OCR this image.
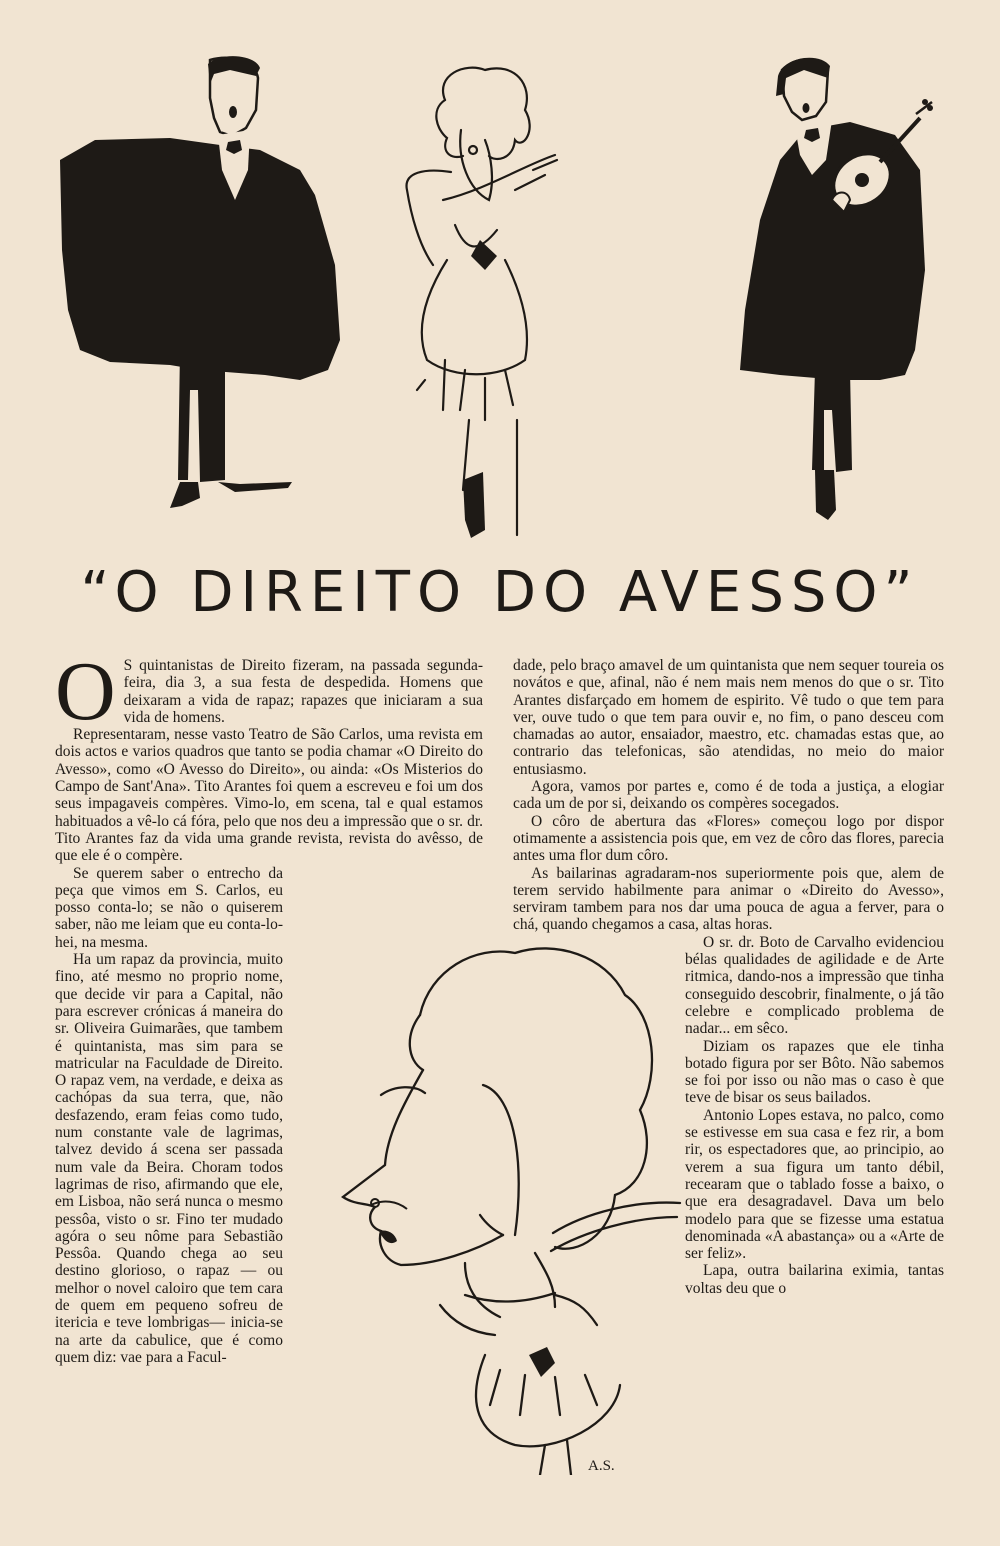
“O DIREITO DO AVESSO”
O S quintanistas de Direito fizeram, na passada segunda-feira, dia 3, a sua festa de despedida. Homens que deixaram a vida de rapaz; rapazes que iniciaram a sua vida de homens.

Representaram, nesse vasto Teatro de São Carlos, uma revista em dois actos e varios quadros que tanto se podia chamar «O Direito do Avesso», como «O Avesso do Direito», ou ainda: «Os Misterios do Campo de Sant'Ana». Tito Arantes foi quem a escreveu e foi um dos seus impagaveis compères. Vimo-lo, em scena, tal e qual estamos habituados a vê-lo cá fóra, pelo que nos deu a impressão que o sr. dr. Tito Arantes faz da vida uma grande revista, revista do avêsso, de que ele é o compère.

Se querem saber o entrecho da peça que vimos em S. Carlos, eu posso conta-lo; se não o quiserem saber, não me leiam que eu conta-lo-hei, na mesma.

Ha um rapaz da provincia, muito fino, até mesmo no proprio nome, que decide vir para a Capital, não para escrever crónicas á maneira do sr. Oliveira Guimarães, que tambem é quintanista, mas sim para se matricular na Faculdade de Direito. O rapaz vem, na verdade, e deixa as cachópas da sua terra, que, não desfazendo, eram feias como tudo, num constante vale de lagrimas, talvez devido á scena ser passada num vale da Beira. Choram todos lagrimas de riso, afirmando que ele, em Lisboa, não será nunca o mesmo pessôa, visto o sr. Fino ter mudado agóra o seu nôme para Sebastião Pessôa. Quando chega ao seu destino glorioso, o rapaz — ou melhor o novel caloiro que tem cara de quem em pequeno sofreu de itericia e teve lombrigas— inicia-se na arte da cabulice, que é como quem diz: vae para a Facul-

dade, pelo braço amavel de um quintanista que nem sequer toureia os novátos e que, afinal, não é nem mais nem menos do que o sr. Tito Arantes disfarçado em homem de espirito. Vê tudo o que tem para ver, ouve tudo o que tem para ouvir e, no fim, o pano desceu com chamadas ao autor, ensaiador, maestro, etc. chamadas estas que, ao contrario das telefonicas, são atendidas, no meio do maior entusiasmo.

Agora, vamos por partes e, como é de toda a justiça, a elogiar cada um de por si, deixando os compères socegados.

O côro de abertura das «Flores» começou logo por dispor otimamente a assistencia pois que, em vez de côro das flores, parecia antes uma flor dum côro.

As bailarinas agradaram-nos superiormente pois que, alem de terem servido habilmente para animar o «Direito do Avesso», serviram tambem para nos dar uma pouca de agua a ferver, para o chá, quando chegamos a casa, altas horas.

O sr. dr. Boto de Carvalho evidenciou bélas qualidades de agilidade e de Arte ritmica, dando-nos a impressão que tinha conseguido descobrir, finalmente, o já tão celebre e complicado problema de nadar... em sêco.

Diziam os rapazes que ele tinha botado figura por ser Bôto. Não sabemos se foi por isso ou não mas o caso è que teve de bisar os seus bailados.

Antonio Lopes estava, no palco, como se estivesse em sua casa e fez rir, a bom rir, os espectadores que, ao principio, ao verem a sua figura um tanto débil, recearam que o tablado fosse a baixo, o que era desagradavel. Dava um belo modelo para que se fizesse uma estatua denominada «A abastança» ou a «Arte de ser feliz».

Lapa, outra bailarina eximia, tantas voltas deu que o

A.S.
